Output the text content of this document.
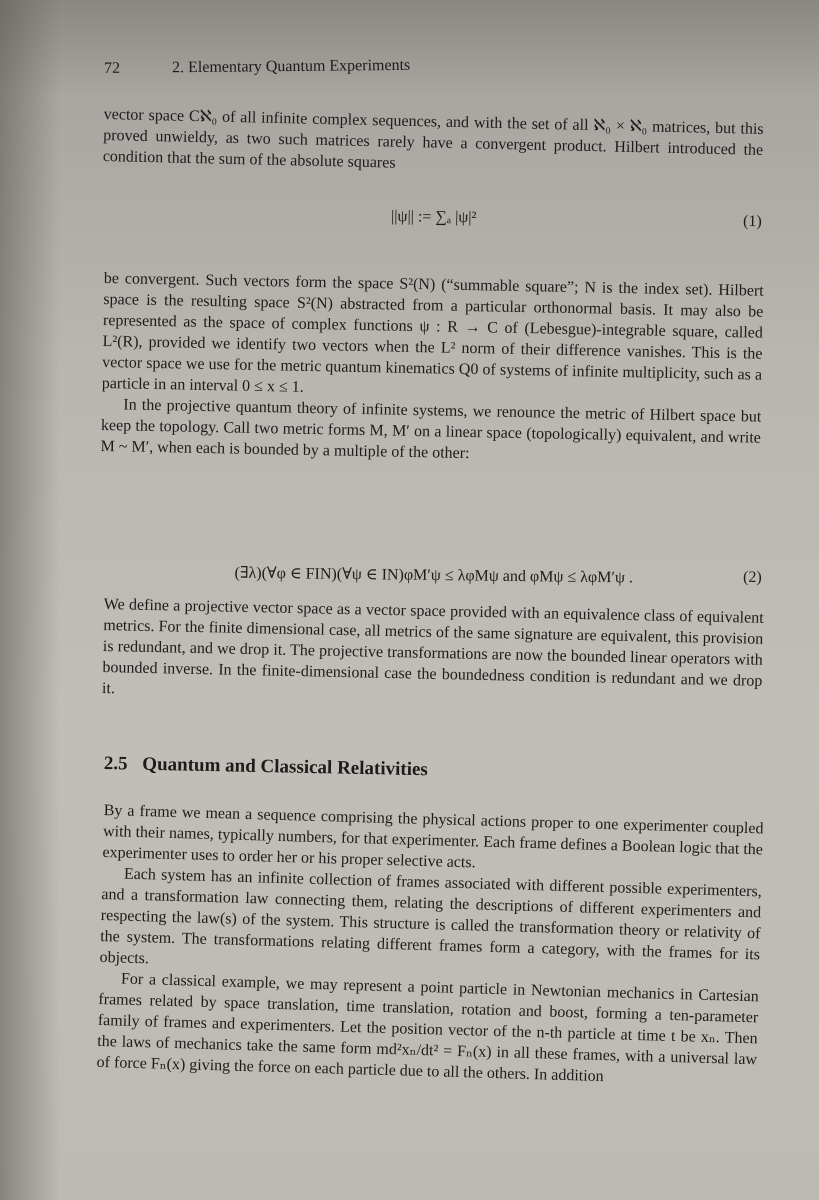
72	2. Elementary Quantum Experiments

vector space Cℵ₀ of all infinite complex sequences, and with the set of all ℵ₀ × ℵ₀ matrices, but this proved unwieldy, as two such matrices rarely have a convergent product. Hilbert introduced the condition that the sum of the absolute squares

||ψ|| := ∑ₐ |ψ|²	(1)

be convergent. Such vectors form the space S²(N) (“summable square”; N is the index set). Hilbert space is the resulting space S²(N) abstracted from a particular orthonormal basis. It may also be represented as the space of complex functions ψ : R → C of (Lebesgue)-integrable square, called L²(R), provided we identify two vectors when the L² norm of their difference vanishes. This is the vector space we use for the metric quantum kinematics Q0 of systems of infinite multiplicity, such as a particle in an interval 0 ≤ x ≤ 1.

In the projective quantum theory of infinite systems, we renounce the metric of Hilbert space but keep the topology. Call two metric forms M, M′ on a linear space (topologically) equivalent, and write M ~ M′, when each is bounded by a multiple of the other:

(∃λ)(∀φ ∈ FIN)(∀ψ ∈ IN)φM′ψ ≤ λφMψ and φMψ ≤ λφM′ψ .	(2)

We define a projective vector space as a vector space provided with an equivalence class of equivalent metrics. For the finite dimensional case, all metrics of the same signature are equivalent, this provision is redundant, and we drop it. The projective transformations are now the bounded linear operators with bounded inverse. In the finite-dimensional case the boundedness condition is redundant and we drop it.

2.5 Quantum and Classical Relativities

By a frame we mean a sequence comprising the physical actions proper to one experimenter coupled with their names, typically numbers, for that experimenter. Each frame defines a Boolean logic that the experimenter uses to order her or his proper selective acts.

Each system has an infinite collection of frames associated with different possible experimenters, and a transformation law connecting them, relating the descriptions of different experimenters and respecting the law(s) of the system. This structure is called the transformation theory or relativity of the system. The transformations relating different frames form a category, with the frames for its objects.

For a classical example, we may represent a point particle in Newtonian mechanics in Cartesian frames related by space translation, time translation, rotation and boost, forming a ten-parameter family of frames and experimenters. Let the position vector of the n-th particle at time t be xₙ. Then the laws of mechanics take the same form md²xₙ/dt² = Fₙ(x) in all these frames, with a universal law of force Fₙ(x) giving the force on each particle due to all the others. In addition
